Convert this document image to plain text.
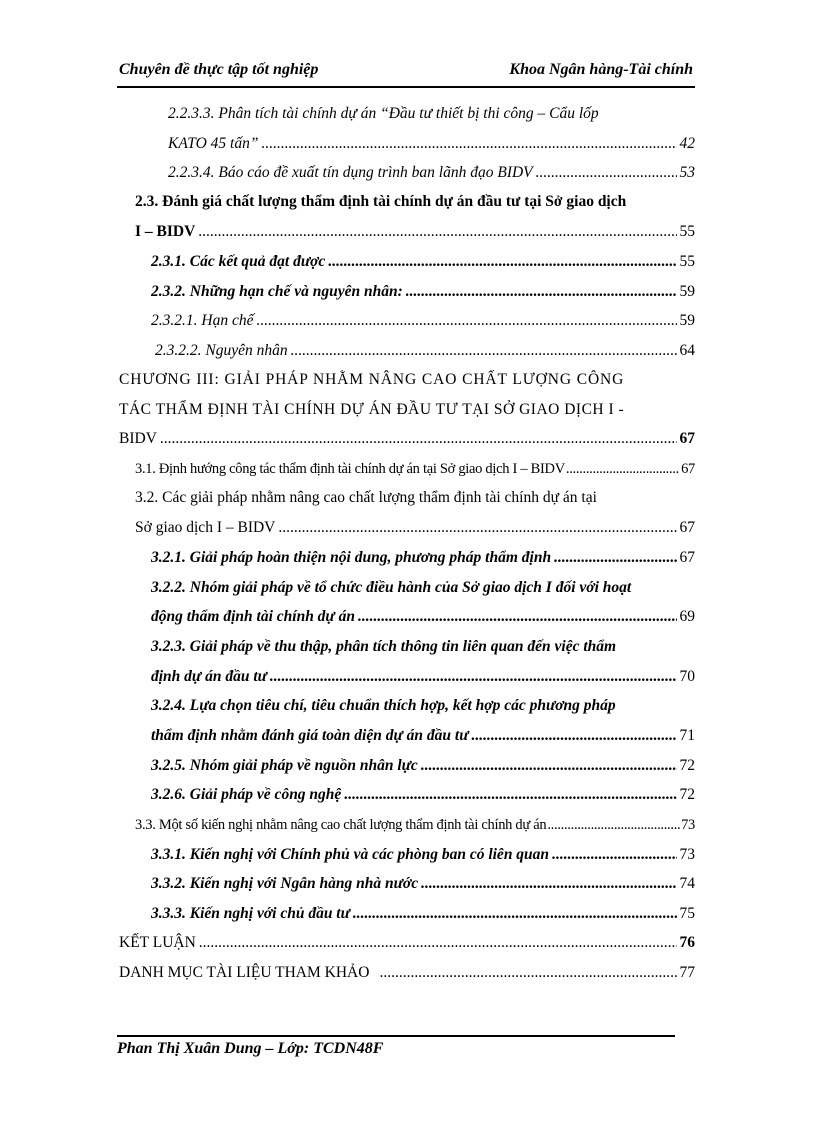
Chuyên đề thực tập tốt nghiệp	Khoa Ngân hàng-Tài chính
2.2.3.3. Phân tích tài chính dự án “Đầu tư thiết bị thi công – Cẩu lốp
KATO 45 tấn” .....	42
2.2.3.4. Báo cáo đề xuất tín dụng trình ban lãnh đạo BIDV .....	53
2.3. Đánh giá chất lượng thẩm định tài chính dự án đầu tư tại Sở giao dịch
I – BIDV .....	55
2.3.1. Các kết quả đạt được .....	55
2.3.2. Những hạn chế và nguyên nhân: .....	59
2.3.2.1. Hạn chế .....	59
2.3.2.2. Nguyên nhân .....	64
CHƯƠNG III: GIẢI PHÁP NHẰM NÂNG CAO CHẤT LƯỢNG CÔNG
TÁC THẨM ĐỊNH TÀI CHÍNH DỰ ÁN ĐẦU TƯ TẠI SỞ GIAO DỊCH I -
BIDV .....	67
3.1. Định hướng công tác thẩm định tài chính dự án tại Sở giao dịch I – BIDV .....	67
3.2. Các giải pháp nhằm nâng cao chất lượng thẩm định tài chính dự án tại
Sở giao dịch I – BIDV .....	67
3.2.1. Giải pháp hoàn thiện nội dung, phương pháp thẩm định .....	67
3.2.2. Nhóm giải pháp về tổ chức điều hành của Sở giao dịch I đối với hoạt
động thẩm định tài chính dự án .....	69
3.2.3. Giải pháp về thu thập, phân tích thông tin liên quan đến việc thẩm
định dự án đầu tư .....	70
3.2.4. Lựa chọn tiêu chí, tiêu chuẩn thích hợp, kết hợp các phương pháp
thẩm định nhằm đánh giá toàn diện dự án đầu tư .....	71
3.2.5. Nhóm giải pháp về nguồn nhân lực .....	72
3.2.6. Giải pháp về công nghệ .....	72
3.3. Một số kiến nghị nhằm nâng cao chất lượng thẩm định tài chính dự án .....	73
3.3.1. Kiến nghị với Chính phủ và các phòng ban có liên quan .....	73
3.3.2. Kiến nghị với Ngân hàng nhà nước .....	74
3.3.3. Kiến nghị với chủ đầu tư .....	75
KẾT LUẬN .....	76
DANH MỤC TÀI LIỆU THAM KHẢO .....	77
Phan Thị Xuân Dung – Lớp: TCDN48F
